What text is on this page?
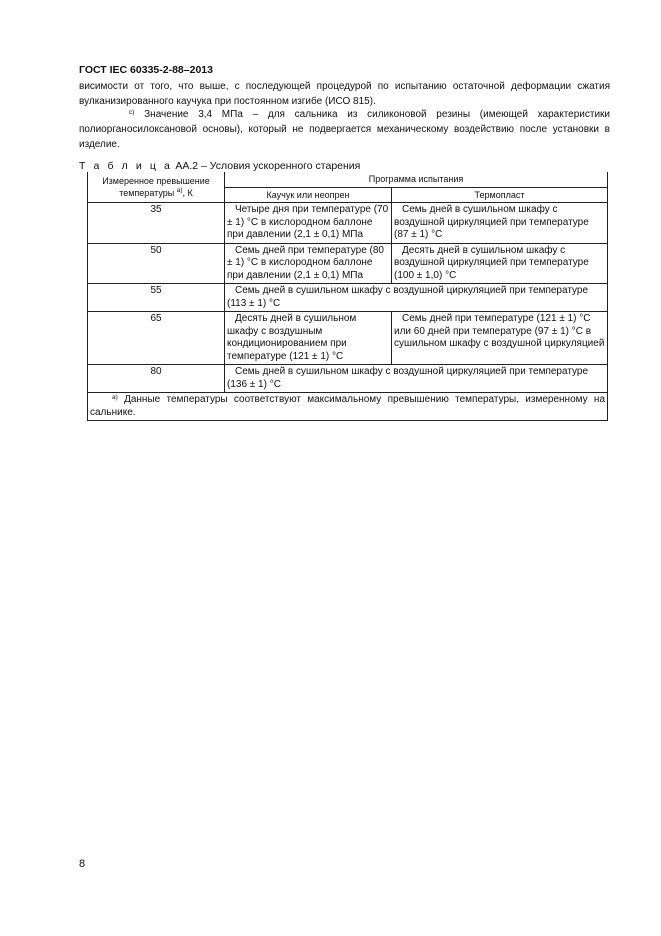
ГОСТ IEC 60335-2-88–2013
висимости от того, что выше, с последующей процедурой по испытанию остаточной деформации сжатия вулканизированного каучука при постоянном изгибе (ИСО 815).
$^{с)}$ Значение 3,4 МПа – для сальника из силиконовой резины (имеющей характеристики полиорганосилоксановой основы), который не подвергается механическому воздействию после установки в изделие.
Т а б л и ц а АА.2 – Условия ускоренного старения
Измеренное превышение температуры $^{а)}$, К	Программа испытания	
	Каучук или неопрен	Термопласт
35	Четыре дня при температуре (70 ± 1) °С в кислородном баллоне при давлении (2,1 ± 0,1) МПа	Семь дней в сушильном шкафу с воздушной циркуляцией при температуре (87 ± 1) °С
50	Семь дней при температуре (80 ± 1) °С в кислородном баллоне при давлении (2,1 ± 0,1) МПа	Десять дней в сушильном шкафу с воздушной циркуляцией при температуре (100 ± 1,0) °С
55	Семь дней в сушильном шкафу с воздушной циркуляцией при температуре (113 ± 1) °С	
65	Десять дней в сушильном шкафу с воздушным кондиционированием при температуре (121 ± 1) °С	Семь дней при температуре (121 ± 1) °С или 60 дней при температуре (97 ± 1) °С в сушильном шкафу с воздушной циркуляцией
80	Семь дней в сушильном шкафу с воздушной циркуляцией при температуре (136 ± 1) °С	
$^{а)}$ Данные температуры соответствуют максимальному превышению температуры, измеренному на сальнике.		
8
